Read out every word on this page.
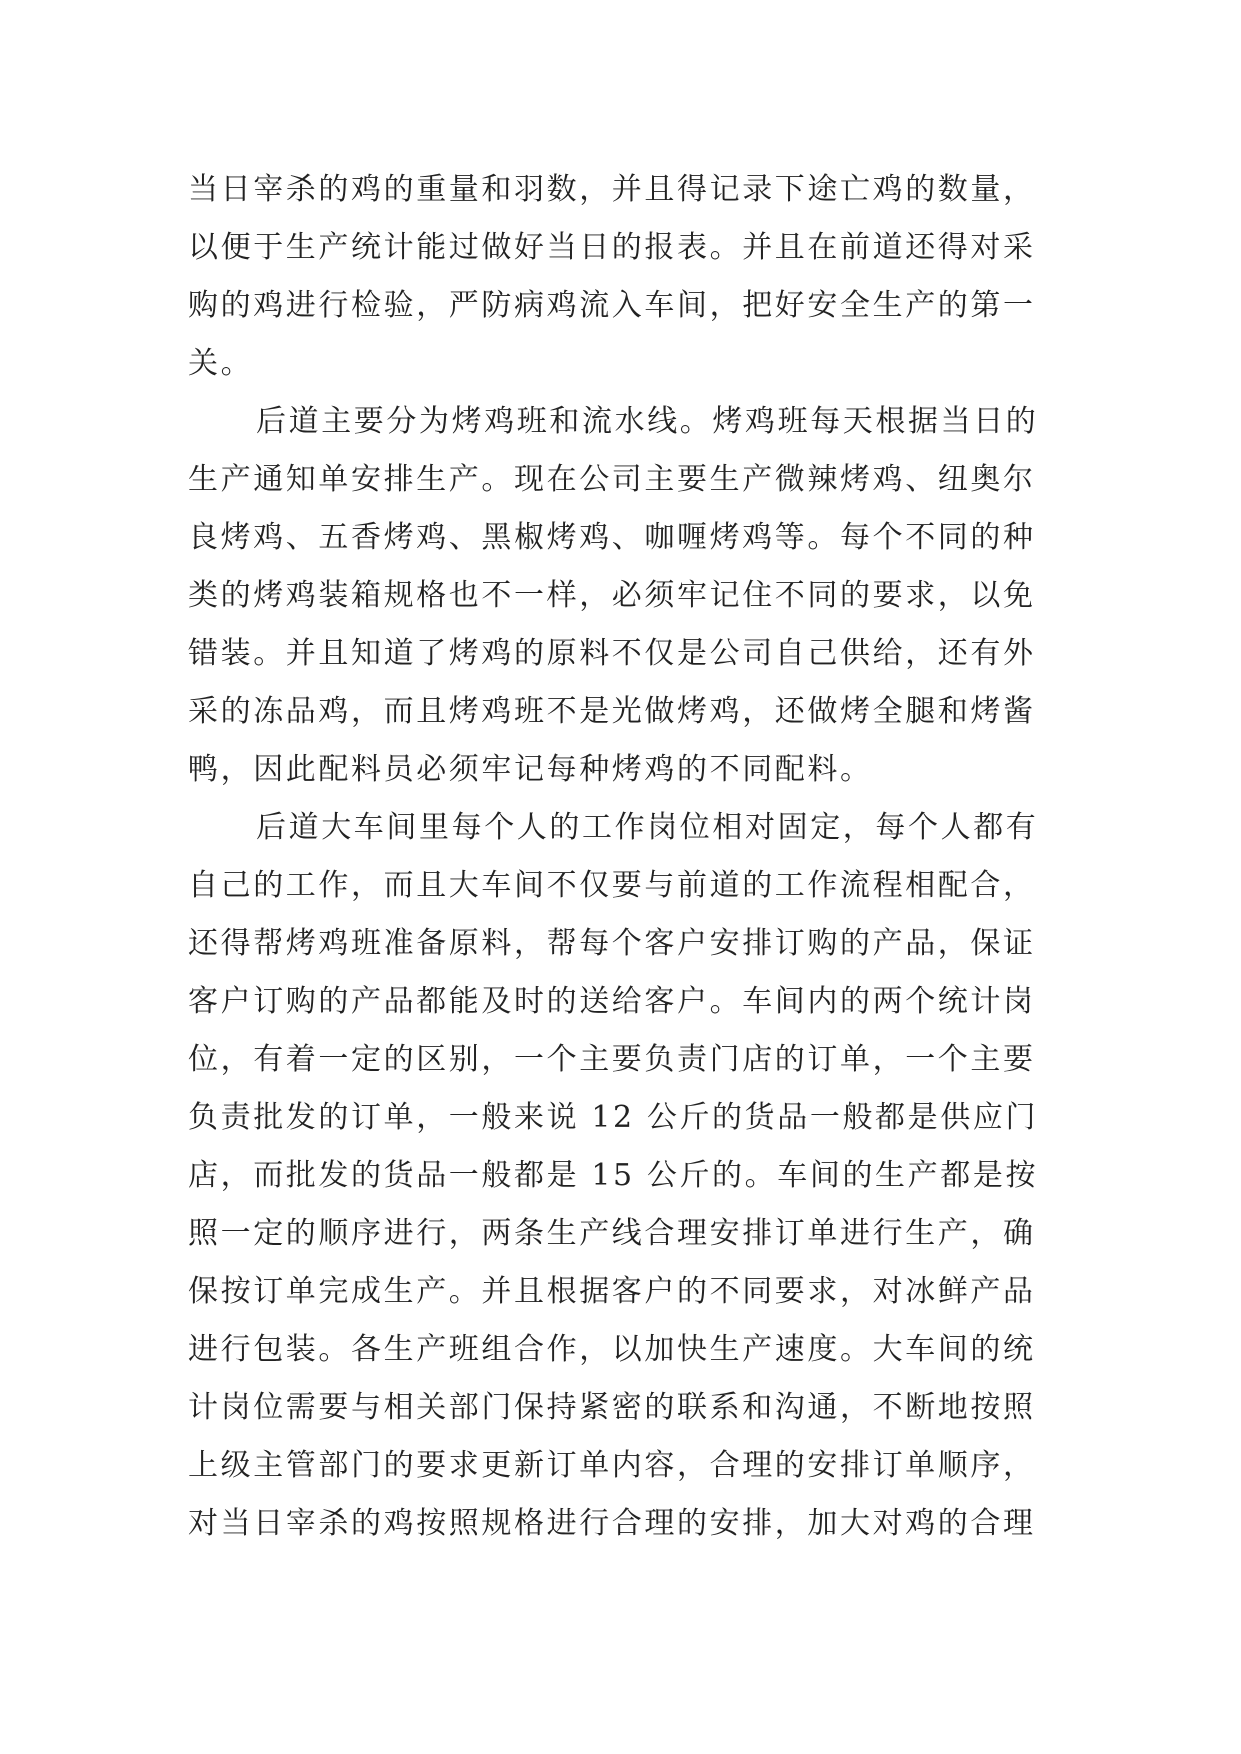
当日宰杀的鸡的重量和羽数，并且得记录下途亡鸡的数量，
以便于生产统计能过做好当日的报表。并且在前道还得对采
购的鸡进行检验，严防病鸡流入车间，把好安全生产的第一
关。
后道主要分为烤鸡班和流水线。烤鸡班每天根据当日的
生产通知单安排生产。现在公司主要生产微辣烤鸡、纽奥尔
良烤鸡、五香烤鸡、黑椒烤鸡、咖喱烤鸡等。每个不同的种
类的烤鸡装箱规格也不一样，必须牢记住不同的要求，以免
错装。并且知道了烤鸡的原料不仅是公司自己供给，还有外
采的冻品鸡，而且烤鸡班不是光做烤鸡，还做烤全腿和烤酱
鸭，因此配料员必须牢记每种烤鸡的不同配料。
后道大车间里每个人的工作岗位相对固定，每个人都有
自己的工作，而且大车间不仅要与前道的工作流程相配合，
还得帮烤鸡班准备原料，帮每个客户安排订购的产品，保证
客户订购的产品都能及时的送给客户。车间内的两个统计岗
位，有着一定的区别，一个主要负责门店的订单，一个主要
负责批发的订单，一般来说 12 公斤的货品一般都是供应门
店，而批发的货品一般都是 15 公斤的。车间的生产都是按
照一定的顺序进行，两条生产线合理安排订单进行生产，确
保按订单完成生产。并且根据客户的不同要求，对冰鲜产品
进行包装。各生产班组合作，以加快生产速度。大车间的统
计岗位需要与相关部门保持紧密的联系和沟通，不断地按照
上级主管部门的要求更新订单内容，合理的安排订单顺序，
对当日宰杀的鸡按照规格进行合理的安排，加大对鸡的合理
